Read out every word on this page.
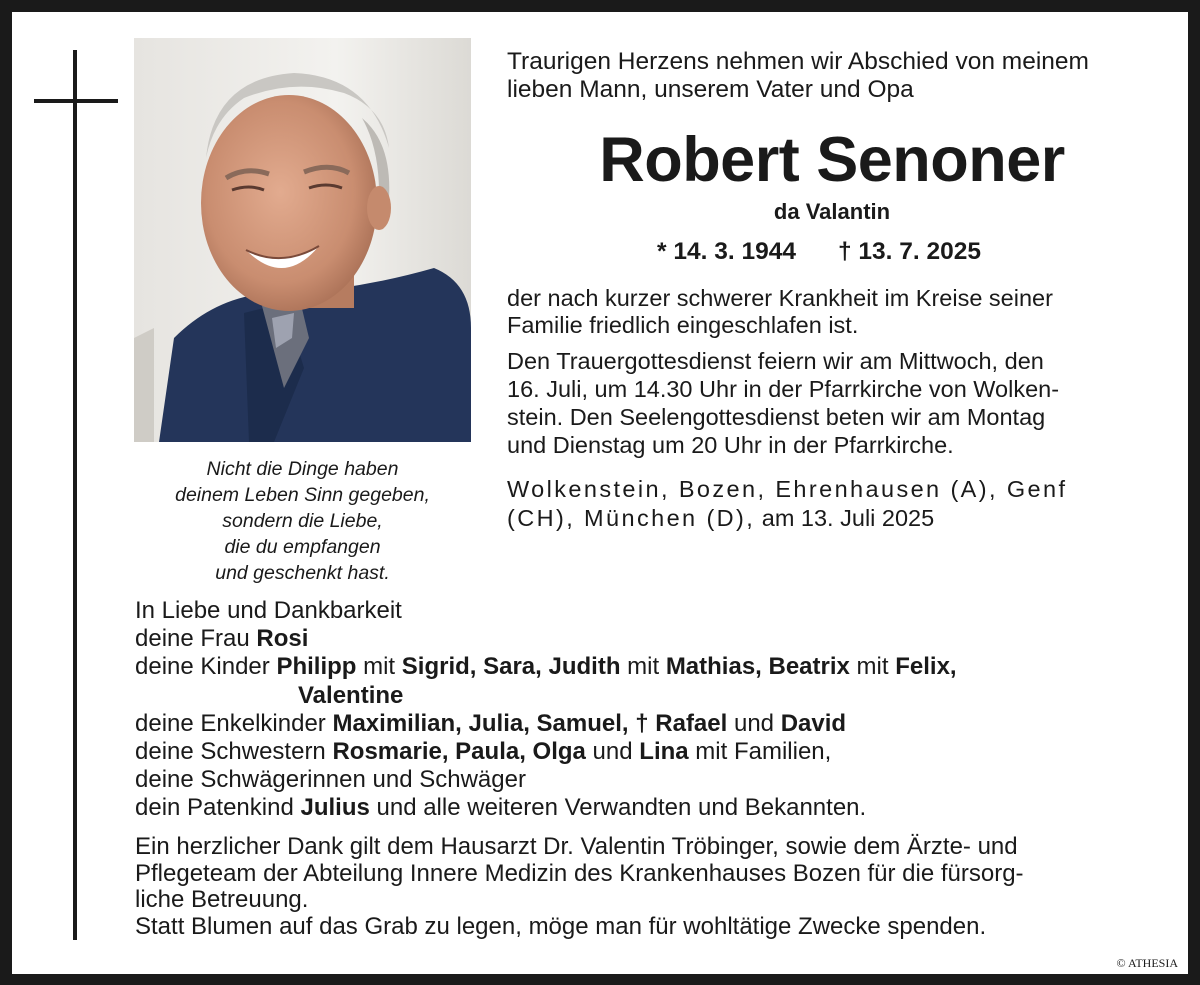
Nicht die Dinge haben
deinem Leben Sinn gegeben,
sondern die Liebe,
die du empfangen
und geschenkt hast.
Traurigen Herzens nehmen wir Abschied von meinem
lieben Mann, unserem Vater und Opa
Robert Senoner
da Valantin
* 14. 3. 1944 † 13. 7. 2025
der nach kurzer schwerer Krankheit im Kreise seiner
Familie friedlich eingeschlafen ist.
Den Trauergottesdienst feiern wir am Mittwoch, den
16. Juli, um 14.30 Uhr in der Pfarrkirche von Wolken-
stein. Den Seelengottesdienst beten wir am Montag
und Dienstag um 20 Uhr in der Pfarrkirche.
Wolkenstein, Bozen, Ehrenhausen (A), Genf
(CH), München (D), am 13. Juli 2025
In Liebe und Dankbarkeit
deine Frau Rosi
deine Kinder Philipp mit Sigrid, Sara, Judith mit Mathias, Beatrix mit Felix,
Valentine
deine Enkelkinder Maximilian, Julia, Samuel, † Rafael und David
deine Schwestern Rosmarie, Paula, Olga und Lina mit Familien,
deine Schwägerinnen und Schwäger
dein Patenkind Julius und alle weiteren Verwandten und Bekannten.
Ein herzlicher Dank gilt dem Hausarzt Dr. Valentin Tröbinger, sowie dem Ärzte- und
Pflegeteam der Abteilung Innere Medizin des Krankenhauses Bozen für die fürsorg-
liche Betreuung.
Statt Blumen auf das Grab zu legen, möge man für wohltätige Zwecke spenden.
© ATHESIA
